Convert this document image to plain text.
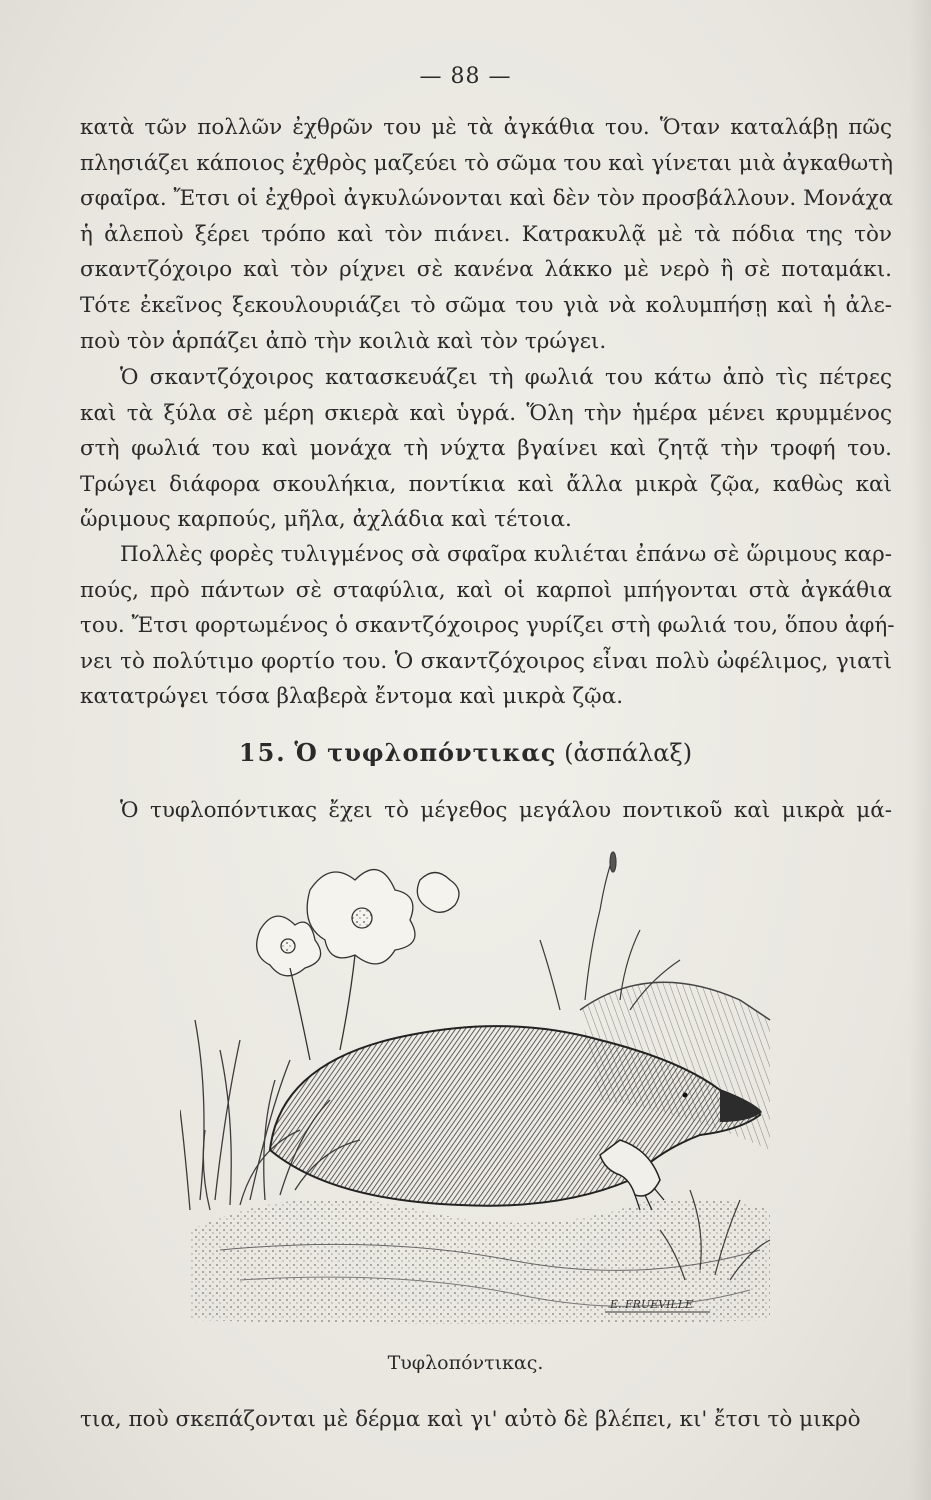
— 88 —
κατὰ τῶν πολλῶν ἐχθρῶν του μὲ τὰ ἀγκάθια του. Ὅταν καταλάβῃ πῶς
πλησιάζει κάποιος ἐχθρὸς μαζεύει τὸ σῶμα του καὶ γίνεται μιὰ ἀγκαθωτὴ
σφαῖρα. Ἔτσι οἱ ἐχθροὶ ἀγκυλώνονται καὶ δὲν τὸν προσβάλλουν. Μονάχα
ἡ ἀλεποὺ ξέρει τρόπο καὶ τὸν πιάνει. Κατρακυλᾷ μὲ τὰ πόδια της τὸν
σκαντζόχοιρο καὶ τὸν ρίχνει σὲ κανένα λάκκο μὲ νερὸ ἢ σὲ ποταμάκι.
Τότε ἐκεῖνος ξεκουλουριάζει τὸ σῶμα του γιὰ νὰ κολυμπήσῃ καὶ ἡ ἀλε-
ποὺ τὸν ἁρπάζει ἀπὸ τὴν κοιλιὰ καὶ τὸν τρώγει.
Ὁ σκαντζόχοιρος κατασκευάζει τὴ φωλιά του κάτω ἀπὸ τὶς πέτρες
καὶ τὰ ξύλα σὲ μέρη σκιερὰ καὶ ὑγρά. Ὅλη τὴν ἡμέρα μένει κρυμμένος
στὴ φωλιά του καὶ μονάχα τὴ νύχτα βγαίνει καὶ ζητᾷ τὴν τροφή του.
Τρώγει διάφορα σκουλήκια, ποντίκια καὶ ἄλλα μικρὰ ζῷα, καθὼς καὶ
ὥριμους καρπούς, μῆλα, ἀχλάδια καὶ τέτοια.
Πολλὲς φορὲς τυλιγμένος σὰ σφαῖρα κυλιέται ἐπάνω σὲ ὥριμους καρ-
πούς, πρὸ πάντων σὲ σταφύλια, καὶ οἱ καρποὶ μπήγονται στὰ ἀγκάθια
του. Ἔτσι φορτωμένος ὁ σκαντζόχοιρος γυρίζει στὴ φωλιά του, ὅπου ἀφή-
νει τὸ πολύτιμο φορτίο του. Ὁ σκαντζόχοιρος εἶναι πολὺ ὠφέλιμος, γιατὶ
κατατρώγει τόσα βλαβερὰ ἔντομα καὶ μικρὰ ζῷα.
15. Ὁ τυφλοπόντικας (ἀσπάλαξ)
Ὁ τυφλοπόντικας ἔχει τὸ μέγεθος μεγάλου ποντικοῦ καὶ μικρὰ μά-
E. FRUEVILLE
Τυφλοπόντικας.
τια, ποὺ σκεπάζονται μὲ δέρμα καὶ γι' αὐτὸ δὲ βλέπει, κι' ἔτσι τὸ μικρὸ
